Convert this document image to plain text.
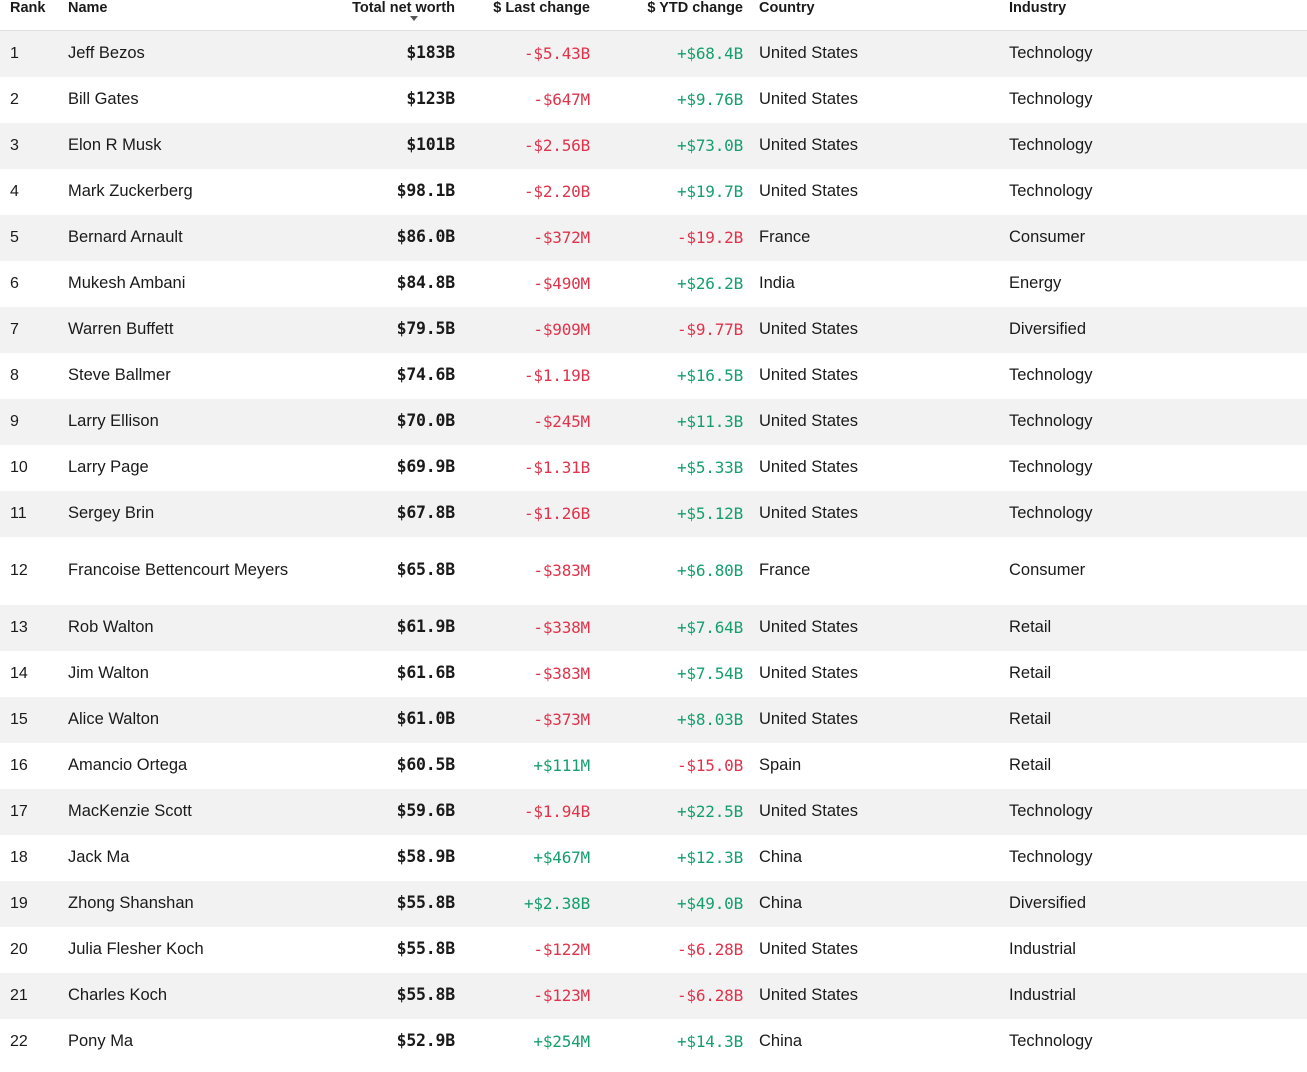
Rank	Name	Total net worth	$ Last change	$ YTD change	Country	Industry
1	Jeff Bezos	$183B	-$5.43B	+$68.4B	United States	Technology
2	Bill Gates	$123B	-$647M	+$9.76B	United States	Technology
3	Elon R Musk	$101B	-$2.56B	+$73.0B	United States	Technology
4	Mark Zuckerberg	$98.1B	-$2.20B	+$19.7B	United States	Technology
5	Bernard Arnault	$86.0B	-$372M	-$19.2B	France	Consumer
6	Mukesh Ambani	$84.8B	-$490M	+$26.2B	India	Energy
7	Warren Buffett	$79.5B	-$909M	-$9.77B	United States	Diversified
8	Steve Ballmer	$74.6B	-$1.19B	+$16.5B	United States	Technology
9	Larry Ellison	$70.0B	-$245M	+$11.3B	United States	Technology
10	Larry Page	$69.9B	-$1.31B	+$5.33B	United States	Technology
11	Sergey Brin	$67.8B	-$1.26B	+$5.12B	United States	Technology
12	Francoise Bettencourt Meyers	$65.8B	-$383M	+$6.80B	France	Consumer
13	Rob Walton	$61.9B	-$338M	+$7.64B	United States	Retail
14	Jim Walton	$61.6B	-$383M	+$7.54B	United States	Retail
15	Alice Walton	$61.0B	-$373M	+$8.03B	United States	Retail
16	Amancio Ortega	$60.5B	+$111M	-$15.0B	Spain	Retail
17	MacKenzie Scott	$59.6B	-$1.94B	+$22.5B	United States	Technology
18	Jack Ma	$58.9B	+$467M	+$12.3B	China	Technology
19	Zhong Shanshan	$55.8B	+$2.38B	+$49.0B	China	Diversified
20	Julia Flesher Koch	$55.8B	-$122M	-$6.28B	United States	Industrial
21	Charles Koch	$55.8B	-$123M	-$6.28B	United States	Industrial
22	Pony Ma	$52.9B	+$254M	+$14.3B	China	Technology
